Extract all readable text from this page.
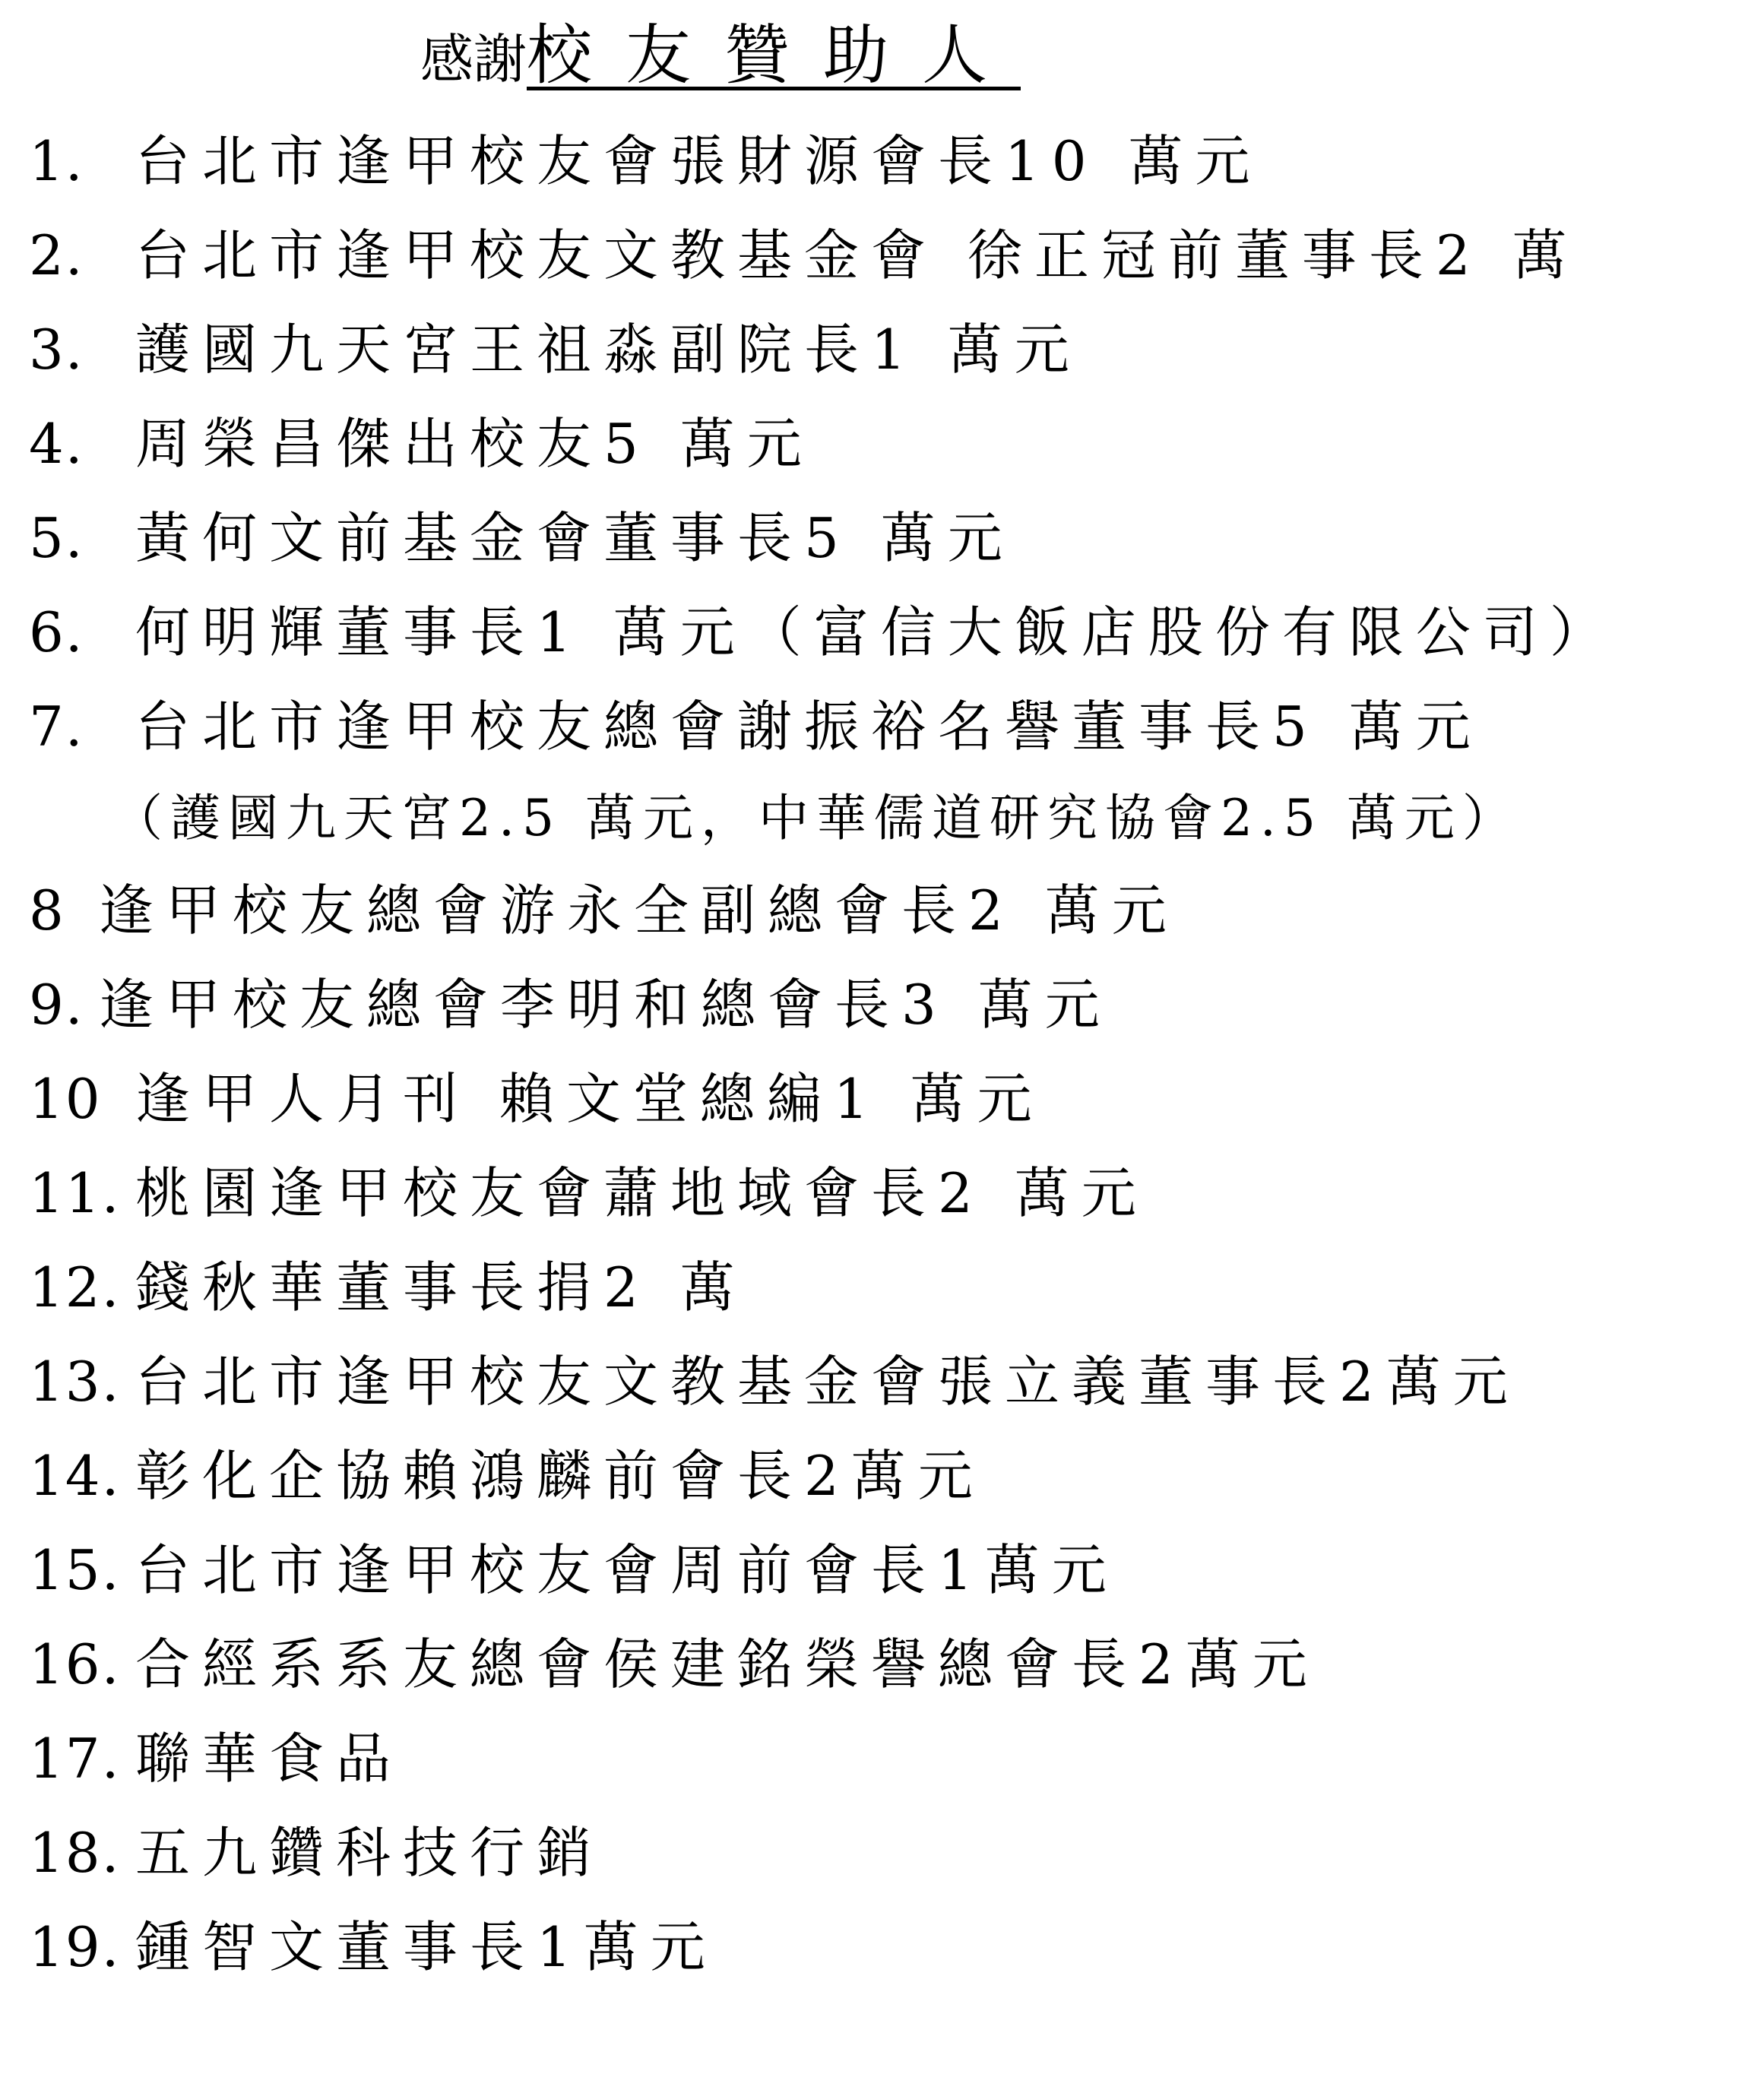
感謝校友贊助人
1. 台北市逢甲校友會張財源會長10 萬元
2. 台北市逢甲校友文教基金會 徐正冠前董事長2 萬
3. 護國九天宮王祖淼副院長1 萬元
4. 周榮昌傑出校友5 萬元
5. 黃何文前基金會董事長5 萬元
6. 何明輝董事長1 萬元（富信大飯店股份有限公司）
7. 台北市逢甲校友總會謝振裕名譽董事長5 萬元
（護國九天宮2.5 萬元，中華儒道研究協會2.5 萬元）
8 逢甲校友總會游永全副總會長2 萬元
9. 逢甲校友總會李明和總會長3 萬元
10 逢甲人月刊 賴文堂總編1 萬元
11. 桃園逢甲校友會蕭地域會長2 萬元
12. 錢秋華董事長捐2 萬
13. 台北市逢甲校友文教基金會張立義董事長2萬元
14. 彰化企協賴鴻麟前會長2萬元
15. 台北市逢甲校友會周前會長1萬元
16. 合經系系友總會侯建銘榮譽總會長2萬元
17. 聯華食品
18. 五九鑽科技行銷
19. 鍾智文董事長1萬元
